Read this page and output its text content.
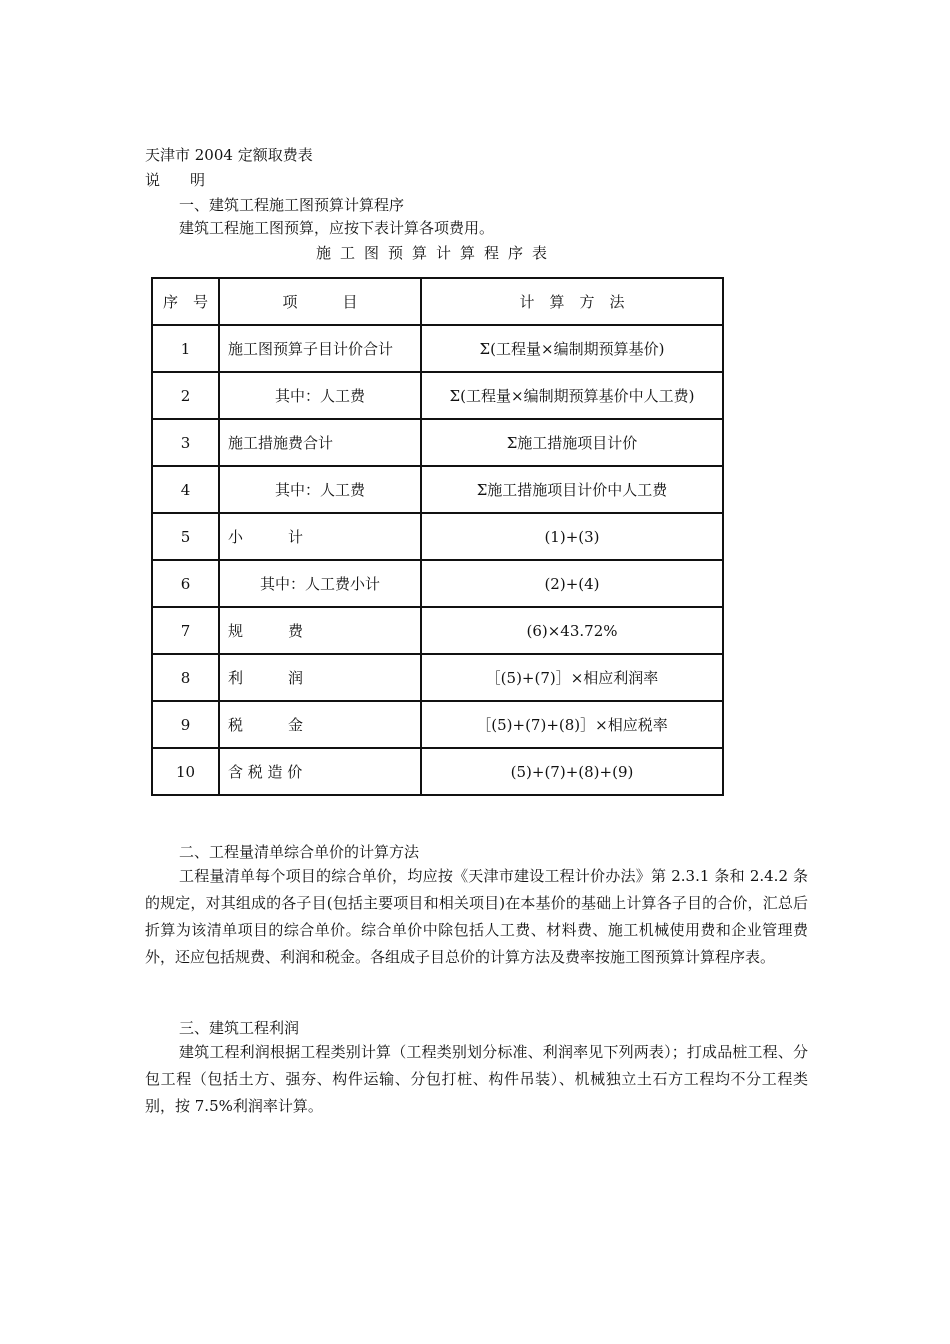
天津市 2004 定额取费表
说　　明
一、建筑工程施工图预算计算程序
建筑工程施工图预算，应按下表计算各项费用。
施工图预算计算程序表
序　号	项　　　目	计　算　方　法
1	施工图预算子目计价合计	Σ(工程量×编制期预算基价)
2	其中：人工费	Σ(工程量×编制期预算基价中人工费)
3	施工措施费合计	Σ施工措施项目计价
4	其中：人工费	Σ施工措施项目计价中人工费
5	小　　　计	(1)+(3)
6	其中：人工费小计	(2)+(4)
7	规　　　费	(6)×43.72%
8	利　　　润	［(5)+(7)］×相应利润率
9	税　　　金	［(5)+(7)+(8)］×相应税率
10	含 税 造 价	(5)+(7)+(8)+(9)
二、工程量清单综合单价的计算方法
工程量清单每个项目的综合单价，均应按《天津市建设工程计价办法》第 2.3.1 条和 2.4.2 条的规定，对其组成的各子目(包括主要项目和相关项目)在本基价的基础上计算各子目的合价，汇总后折算为该清单项目的综合单价。综合单价中除包括人工费、材料费、施工机械使用费和企业管理费外，还应包括规费、利润和税金。各组成子目总价的计算方法及费率按施工图预算计算程序表。
三、建筑工程利润
建筑工程利润根据工程类别计算（工程类别划分标准、利润率见下列两表）；打成品桩工程、分包工程（包括土方、强夯、构件运输、分包打桩、构件吊装）、机械独立土石方工程均不分工程类别，按 7.5%利润率计算。
